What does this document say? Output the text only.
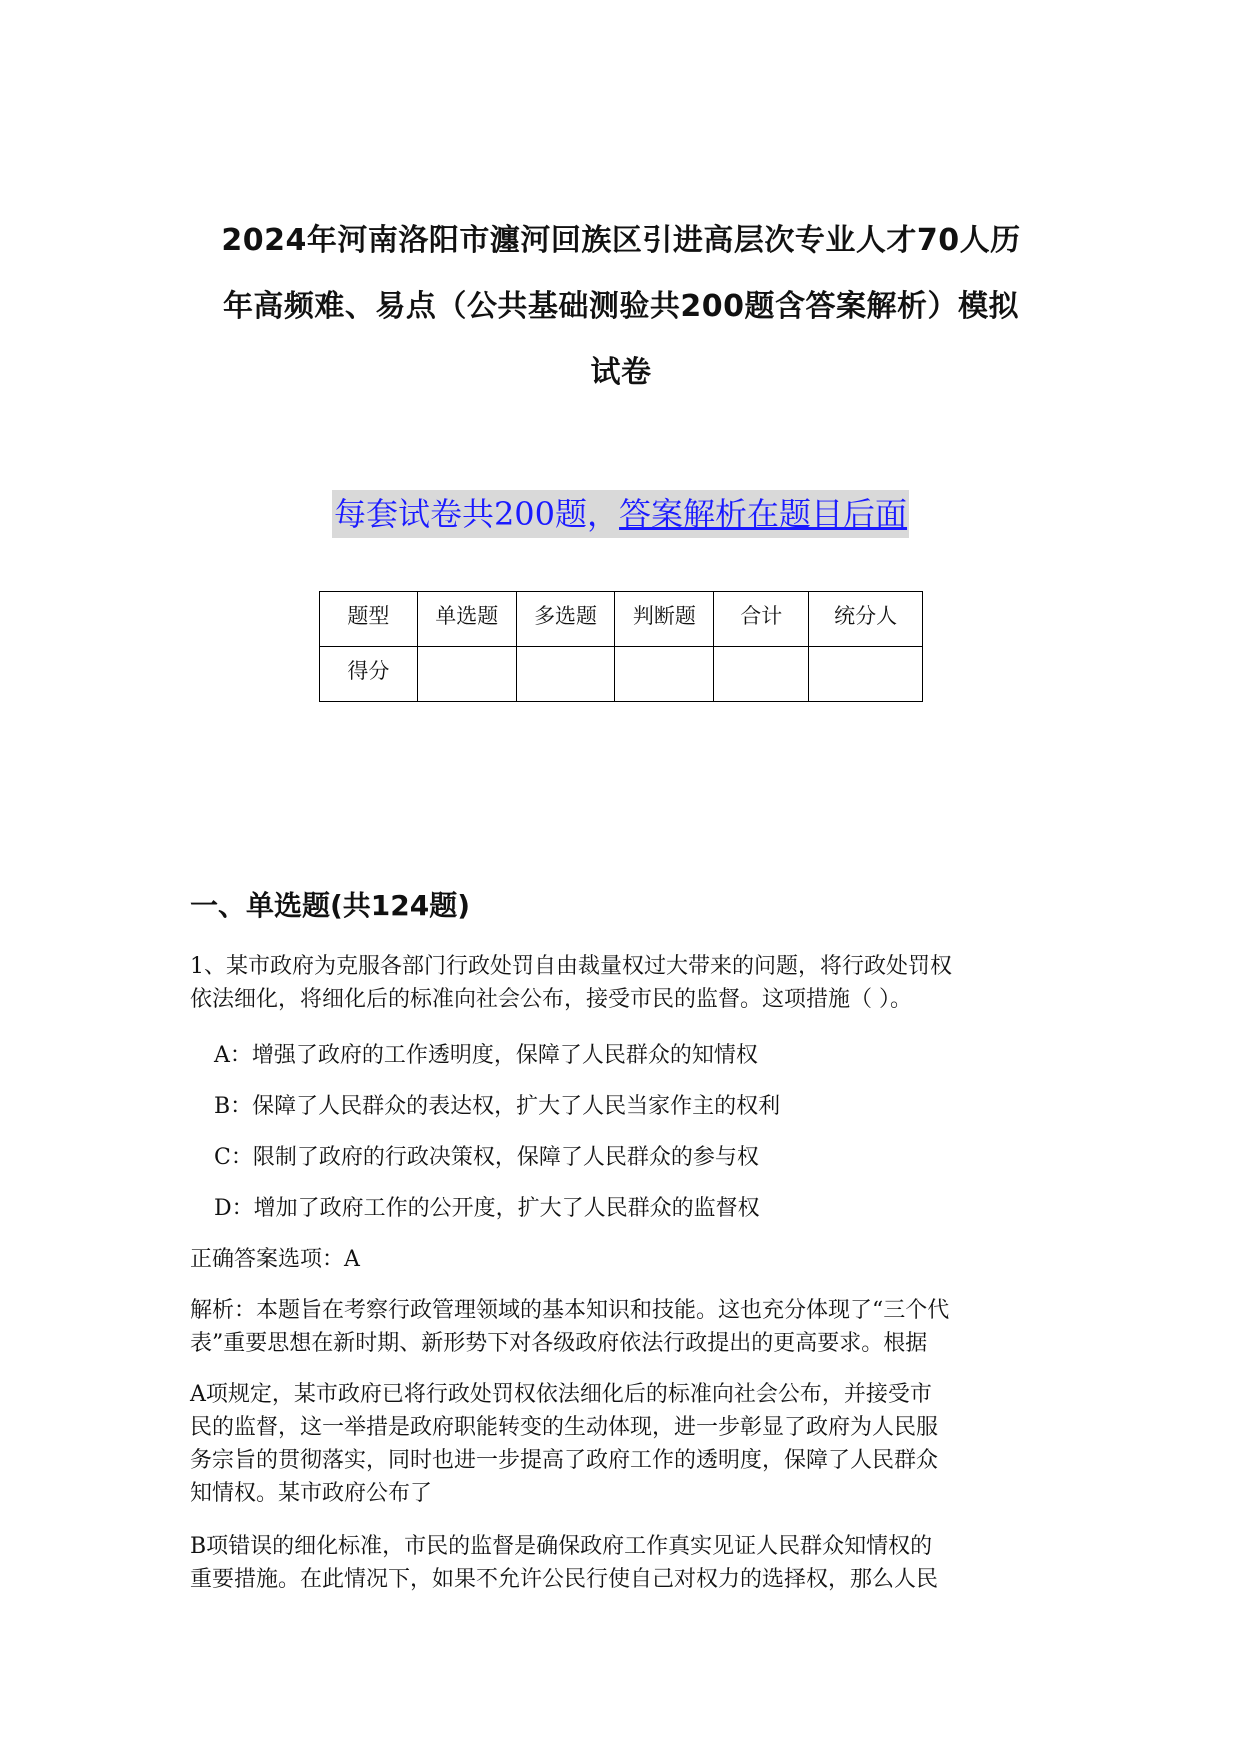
2024年河南洛阳市瀍河回族区引进高层次专业人才70人历
年高频难、易点（公共基础测验共200题含答案解析）模拟
试卷
每套试卷共200题，答案解析在题目后面
题型	单选题	多选题	判断题	合计	统分人
得分					
一、单选题(共124题)
1、某市政府为克服各部门行政处罚自由裁量权过大带来的问题，将行政处罚权
依法细化，将细化后的标准向社会公布，接受市民的监督。这项措施（ ）。
A：增强了政府的工作透明度，保障了人民群众的知情权
B：保障了人民群众的表达权，扩大了人民当家作主的权利
C：限制了政府的行政决策权，保障了人民群众的参与权
D：增加了政府工作的公开度，扩大了人民群众的监督权
正确答案选项：A
解析：本题旨在考察行政管理领域的基本知识和技能。这也充分体现了“三个代
表”重要思想在新时期、新形势下对各级政府依法行政提出的更高要求。根据
A项规定，某市政府已将行政处罚权依法细化后的标准向社会公布，并接受市
民的监督，这一举措是政府职能转变的生动体现，进一步彰显了政府为人民服
务宗旨的贯彻落实，同时也进一步提高了政府工作的透明度，保障了人民群众
知情权。某市政府公布了
B项错误的细化标准，市民的监督是确保政府工作真实见证人民群众知情权的
重要措施。在此情况下，如果不允许公民行使自己对权力的选择权，那么人民
